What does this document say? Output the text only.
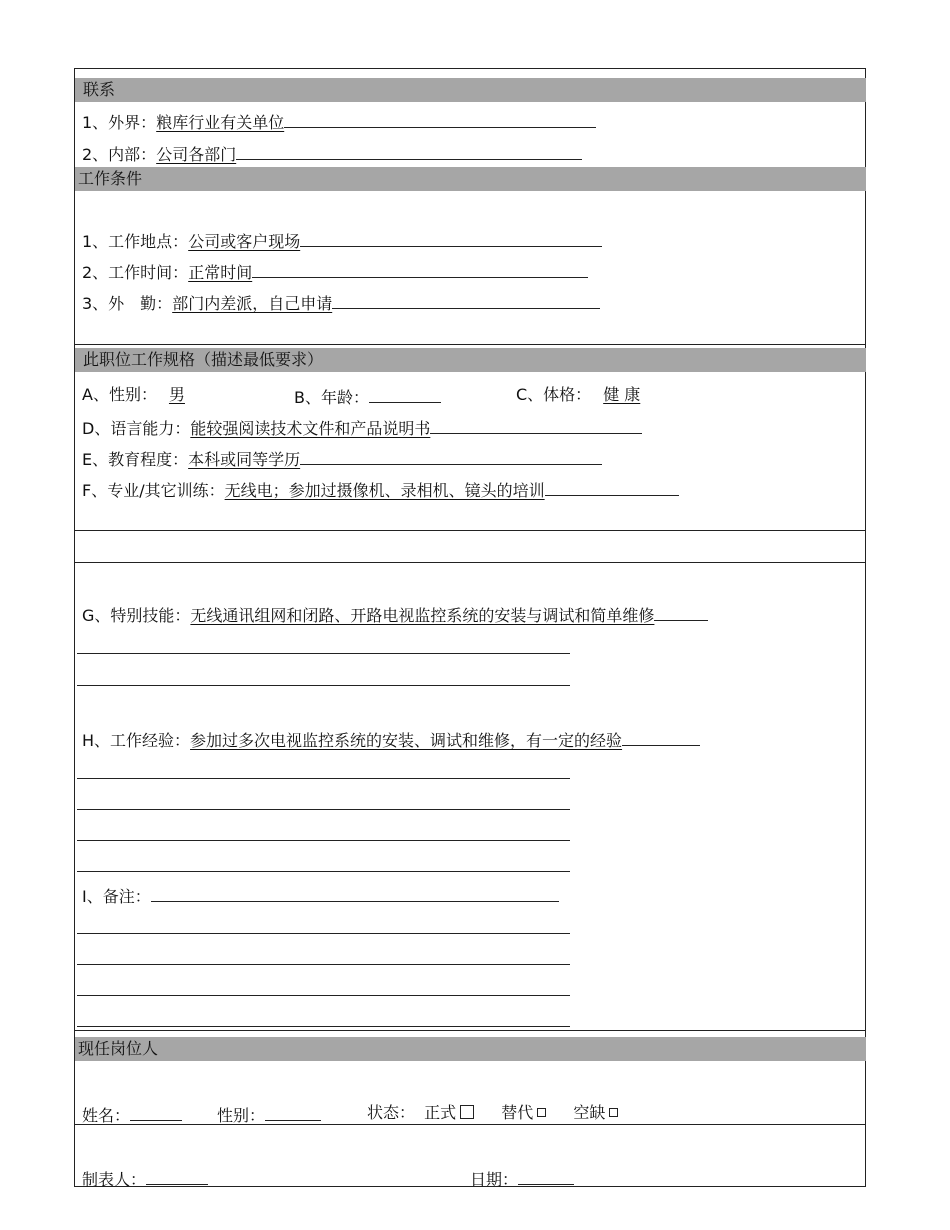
联系
1、外界：粮库行业有关单位
2、内部：公司各部门
工作条件
1、工作地点：公司或客户现场
2、工作时间：正常时间
3、外　勤：部门内差派，自己申请
此职位工作规格（描述最低要求）
A、性别： 男	B、年龄：	C、体格： 健 康
D、语言能力：能较强阅读技术文件和产品说明书
E、教育程度：本科或同等学历
F、专业/其它训练：无线电；参加过摄像机、录相机、镜头的培训
G、特别技能：无线通讯组网和闭路、开路电视监控系统的安装与调试和简单维修
H、工作经验：参加过多次电视监控系统的安装、调试和维修，有一定的经验
I、备注：
现任岗位人
姓名：	性别：	状态： 正式	替代	空缺
制表人：	日期：
